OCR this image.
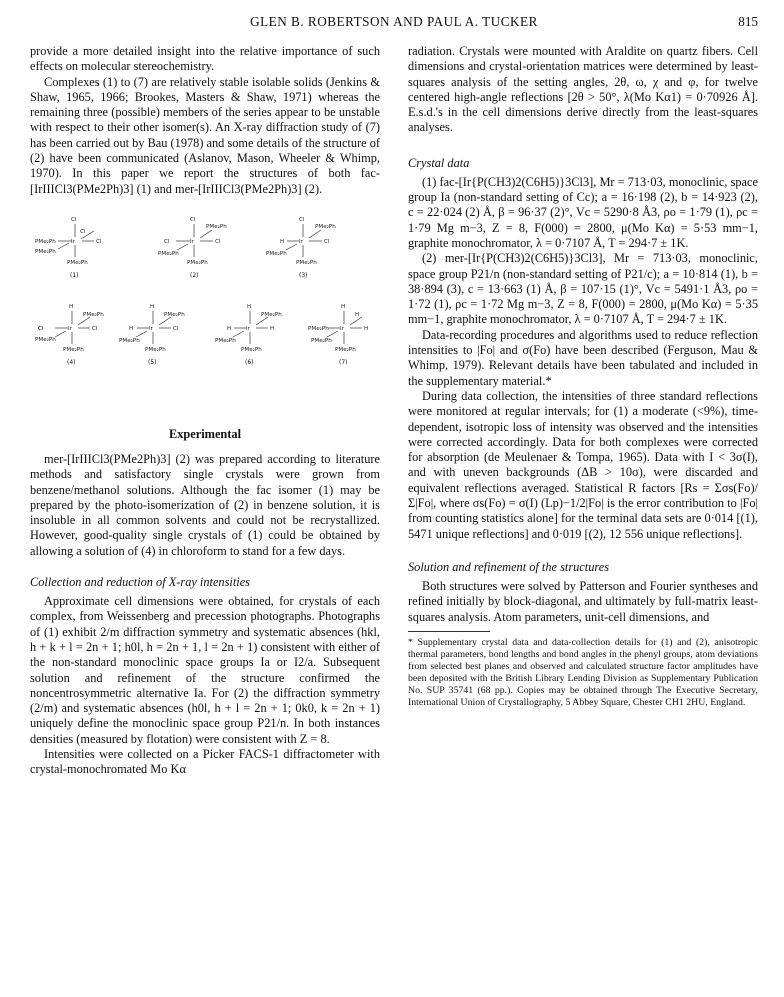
GLEN B. ROBERTSON AND PAUL A. TUCKER	815

provide a more detailed insight into the relative importance of such effects on molecular stereochemistry.

Complexes (1) to (7) are relatively stable isolable solids (Jenkins & Shaw, 1965, 1966; Brookes, Masters & Shaw, 1971) whereas the remaining three (possible) members of the series appear to be unstable with respect to their other isomer(s). An X-ray diffraction study of (7) has been carried out by Bau (1978) and some details of the structure of (2) have been communicated (Aslanov, Mason, Wheeler & Whimp, 1970). In this paper we report the structures of both fac-[IrIIICl3(PMe2Ph)3] (1) and mer-[IrIIICl3(PMe2Ph)3] (2).

Cl
Cl
PMe₂Ph	Ir	Cl
PMe₂Ph
PMe₂Ph
Cl
PMe₂Ph
Cl	Ir	Cl
PMe₂Ph
PMe₂Ph
Cl
PMe₂Ph
H	Ir	Cl
PMe₂Ph
PMe₂Ph
H
PMe₂Ph
Cl	Ir	Cl
PMe₂Ph
PMe₂Ph
H
PMe₂Ph
H	Ir	Cl
PMe₂Ph
PMe₂Ph
H
PMe₂Ph
H	Ir	H
PMe₂Ph
PMe₂Ph
H
H
PMe₂Ph Ir	H
PMe₂Ph
PMe₂Ph
(1)	(2)	(3)
(4)	(5)	(6)	(7)
Experimental

mer-[IrIIICl3(PMe2Ph)3] (2) was prepared according to literature methods and satisfactory single crystals were grown from benzene/methanol solutions. Although the fac isomer (1) may be prepared by the photo-isomerization of (2) in benzene solution, it is insoluble in all common solvents and could not be recrystallized. However, good-quality single crystals of (1) could be obtained by allowing a solution of (4) in chloroform to stand for a few days.

Collection and reduction of X-ray intensities

Approximate cell dimensions were obtained, for crystals of each complex, from Weissenberg and precession photographs. Photographs of (1) exhibit 2/m diffraction symmetry and systematic absences (hkl, h + k + l = 2n + 1; h0l, h = 2n + 1, l = 2n + 1) consistent with either of the non-standard monoclinic space groups Ia or I2/a. Subsequent solution and refinement of the structure confirmed the noncentrosymmetric alternative Ia. For (2) the diffraction symmetry (2/m) and systematic absences (h0l, h + l = 2n + 1; 0k0, k = 2n + 1) uniquely define the monoclinic space group P21/n. In both instances densities (measured by flotation) were consistent with Z = 8.

Intensities were collected on a Picker FACS-1 diffractometer with crystal-monochromated Mo Kα

radiation. Crystals were mounted with Araldite on quartz fibers. Cell dimensions and crystal-orientation matrices were determined by least-squares analysis of the setting angles, 2θ, ω, χ and φ, for twelve centered high-angle reflections [2θ > 50°, λ(Mo Kα1) = 0·70926 Å]. E.s.d.'s in the cell dimensions derive directly from the least-squares analyses.

Crystal data

(1) fac-[Ir{P(CH3)2(C6H5)}3Cl3], Mr = 713·03, monoclinic, space group Ia (non-standard setting of Cc); a = 16·198 (2), b = 14·923 (2), c = 22·024 (2) Å, β = 96·37 (2)°, Vc = 5290·8 Å3, ρo = 1·79 (1), ρc = 1·79 Mg m−3, Z = 8, F(000) = 2800, μ(Mo Kα) = 5·53 mm−1, graphite monochromator, λ = 0·7107 Å, T = 294·7 ± 1K.

(2) mer-[Ir{P(CH3)2(C6H5)}3Cl3], Mr = 713·03, monoclinic, space group P21/n (non-standard setting of P21/c); a = 10·814 (1), b = 38·894 (3), c = 13·663 (1) Å, β = 107·15 (1)°, Vc = 5491·1 Å3, ρo = 1·72 (1), ρc = 1·72 Mg m−3, Z = 8, F(000) = 2800, μ(Mo Kα) = 5·35 mm−1, graphite monochromator, λ = 0·7107 Å, T = 294·7 ± 1K.

Data-recording procedures and algorithms used to reduce reflection intensities to |Fo| and σ(Fo) have been described (Ferguson, Mau & Whimp, 1979). Relevant details have been tabulated and included in the supplementary material.*

During data collection, the intensities of three standard reflections were monitored at regular intervals; for (1) a moderate (<9%), time-dependent, isotropic loss of intensity was observed and the intensities were corrected accordingly. Data for both complexes were corrected for absorption (de Meulenaer & Tompa, 1965). Data with I < 3σ(I), and with uneven backgrounds (ΔB > 10σ), were discarded and equivalent reflections averaged. Statistical R factors [Rs = Σσs(Fo)/Σ|Fo|, where σs(Fo) = σ(I) (Lp)−1/2|Fo| is the error contribution to |Fo| from counting statistics alone] for the terminal data sets are 0·014 [(1), 5471 unique reflections] and 0·019 [(2), 12 556 unique reflections].

Solution and refinement of the structures

Both structures were solved by Patterson and Fourier syntheses and refined initially by block-diagonal, and ultimately by full-matrix least-squares analysis. Atom parameters, unit-cell dimensions, and

* Supplementary crystal data and data-collection details for (1) and (2), anisotropic thermal parameters, bond lengths and bond angles in the phenyl groups, atom deviations from selected best planes and observed and calculated structure factor amplitudes have been deposited with the British Library Lending Division as Supplementary Publication No. SUP 35741 (68 pp.). Copies may be obtained through The Executive Secretary, International Union of Crystallography, 5 Abbey Square, Chester CH1 2HU, England.
